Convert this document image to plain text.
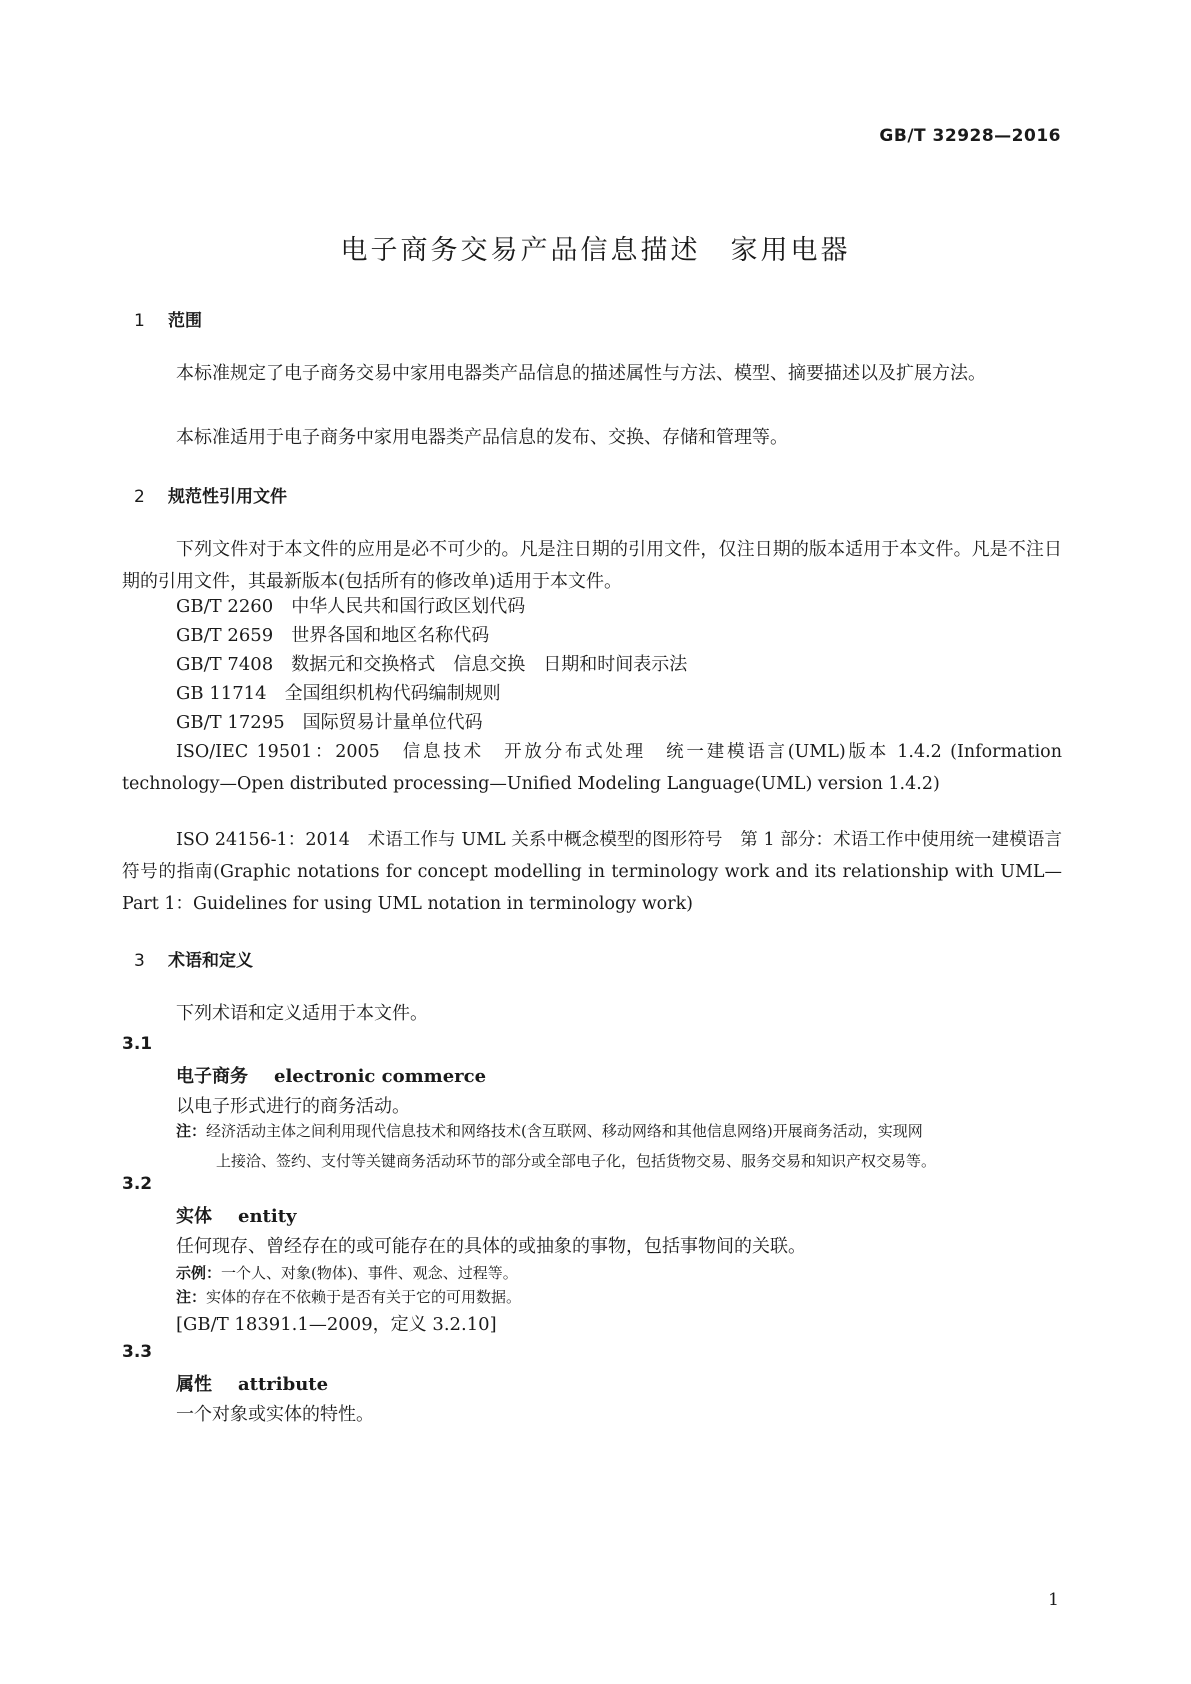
GB/T 32928—2016
电子商务交易产品信息描述 家用电器
1 范围

本标准规定了电子商务交易中家用电器类产品信息的描述属性与方法、模型、摘要描述以及扩展方法。

本标准适用于电子商务中家用电器类产品信息的发布、交换、存储和管理等。

2 规范性引用文件

下列文件对于本文件的应用是必不可少的。凡是注日期的引用文件，仅注日期的版本适用于本文件。凡是不注日期的引用文件，其最新版本(包括所有的修改单)适用于本文件。

GB/T 2260 中华人民共和国行政区划代码
GB/T 2659 世界各国和地区名称代码
GB/T 7408 数据元和交换格式　信息交换　日期和时间表示法
GB 11714 全国组织机构代码编制规则
GB/T 17295 国际贸易计量单位代码

ISO/IEC 19501：2005　信息技术　开放分布式处理　统一建模语言(UML)版本 1.4.2 (Information technology—Open distributed processing—Unified Modeling Language(UML) version 1.4.2)

ISO 24156-1：2014　术语工作与 UML 关系中概念模型的图形符号　第 1 部分：术语工作中使用统一建模语言符号的指南(Graphic notations for concept modelling in terminology work and its relationship with UML—Part 1：Guidelines for using UML notation in terminology work)

3 术语和定义

下列术语和定义适用于本文件。

3.1
电子商务 electronic commerce
以电子形式进行的商务活动。

注：经济活动主体之间利用现代信息技术和网络技术(含互联网、移动网络和其他信息网络)开展商务活动，实现网
上接洽、签约、支付等关键商务活动环节的部分或全部电子化，包括货物交易、服务交易和知识产权交易等。

3.2
实体 entity
任何现存、曾经存在的或可能存在的具体的或抽象的事物，包括事物间的关联。

示例：一个人、对象(物体)、事件、观念、过程等。

注：实体的存在不依赖于是否有关于它的可用数据。

[GB/T 18391.1—2009，定义 3.2.10]
3.3
属性 attribute
一个对象或实体的特性。
1
